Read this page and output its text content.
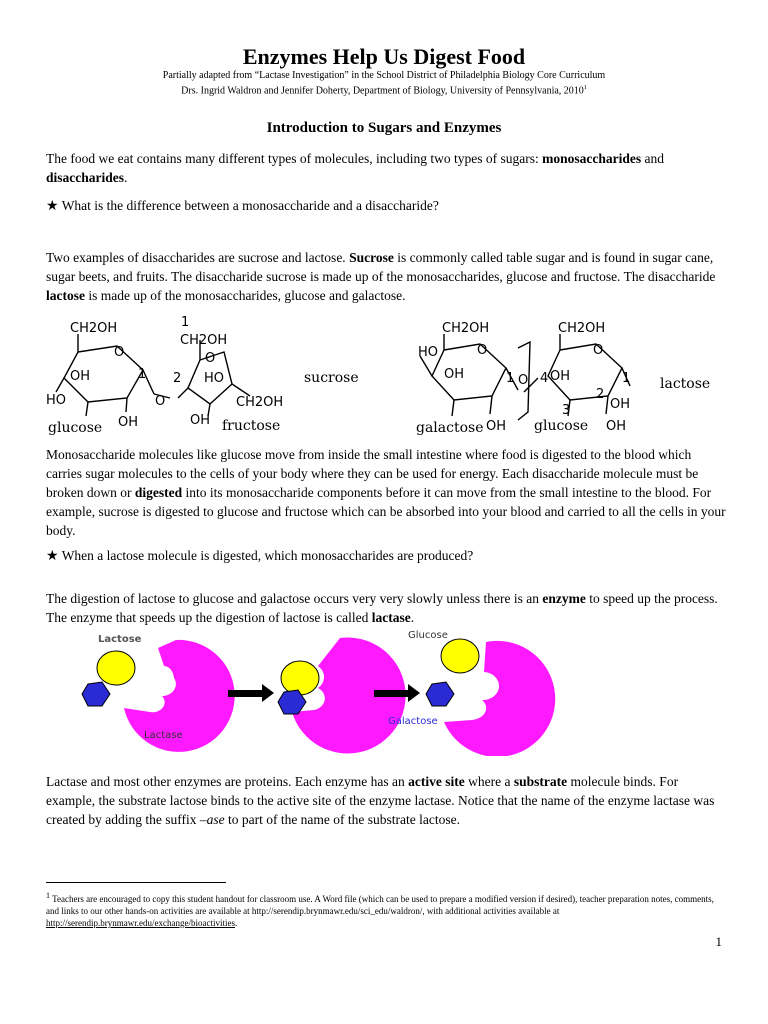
Enzymes Help Us Digest Food
Partially adapted from “Lactase Investigation” in the School District of Philadelphia Biology Core Curriculum
Drs. Ingrid Waldron and Jennifer Doherty, Department of Biology, University of Pennsylvania, 2010$^1$
Introduction to Sugars and Enzymes
The food we eat contains many different types of molecules, including two types of sugars: monosaccharides and disaccharides.
★ What is the difference between a monosaccharide and a disaccharide?
Two examples of disaccharides are sucrose and lactose. Sucrose is commonly called table sugar and is found in sugar cane, sugar beets, and fruits. The disaccharide sucrose is made up of the monosaccharides, glucose and fructose. The disaccharide lactose is made up of the monosaccharides, glucose and galactose.
CH2OH
O
OH
HO
OH
1
O
1
CH2OH
O
2 HO
OH
CH2OH
glucose	fructose
sucrose
CH2OH
HO	O
OH	1 O 4
CH2OH
O
OH	1
2
3	OH
OH
OH
galactose	glucose
lactose
Monosaccharide molecules like glucose move from inside the small intestine where food is digested to the blood which carries sugar molecules to the cells of your body where they can be used for energy. Each disaccharide molecule must be broken down or digested into its monosaccharide components before it can move from the small intestine to the blood. For example, sucrose is digested to glucose and fructose which can be absorbed into your blood and carried to all the cells in your body.
★ When a lactose molecule is digested, which monosaccharides are produced?
The digestion of lactose to glucose and galactose occurs very very slowly unless there is an enzyme to speed up the process. The enzyme that speeds up the digestion of lactose is called lactase.
Lactose
Lactase
Glucose
Galactose
Lactase and most other enzymes are proteins. Each enzyme has an active site where a substrate molecule binds. For example, the substrate lactose binds to the active site of the enzyme lactase. Notice that the name of the enzyme lactase was created by adding the suffix –ase to part of the name of the substrate lactose.
$^1$ Teachers are encouraged to copy this student handout for classroom use. A Word file (which can be used to prepare a modified version if desired), teacher preparation notes, comments, and links to our other hands-on activities are available at http://serendip.brynmawr.edu/sci_edu/waldron/, with additional activities available at http://serendip.brynmawr.edu/exchange/bioactivities.
1
